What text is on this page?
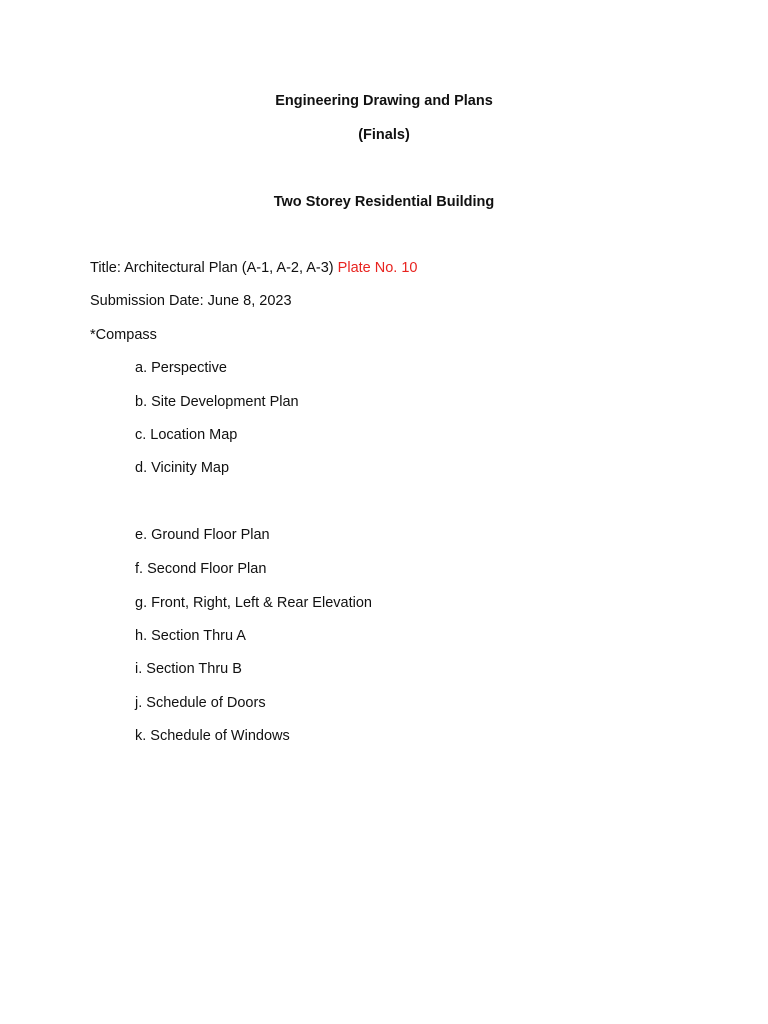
Engineering Drawing and Plans
(Finals)
Two Storey Residential Building
Title: Architectural Plan (A-1, A-2, A-3) Plate No. 10
Submission Date: June 8, 2023
*Compass
a. Perspective
b. Site Development Plan
c. Location Map
d. Vicinity Map
e. Ground Floor Plan
f. Second Floor Plan
g. Front, Right, Left & Rear Elevation
h. Section Thru A
i. Section Thru B
j. Schedule of Doors
k. Schedule of Windows
